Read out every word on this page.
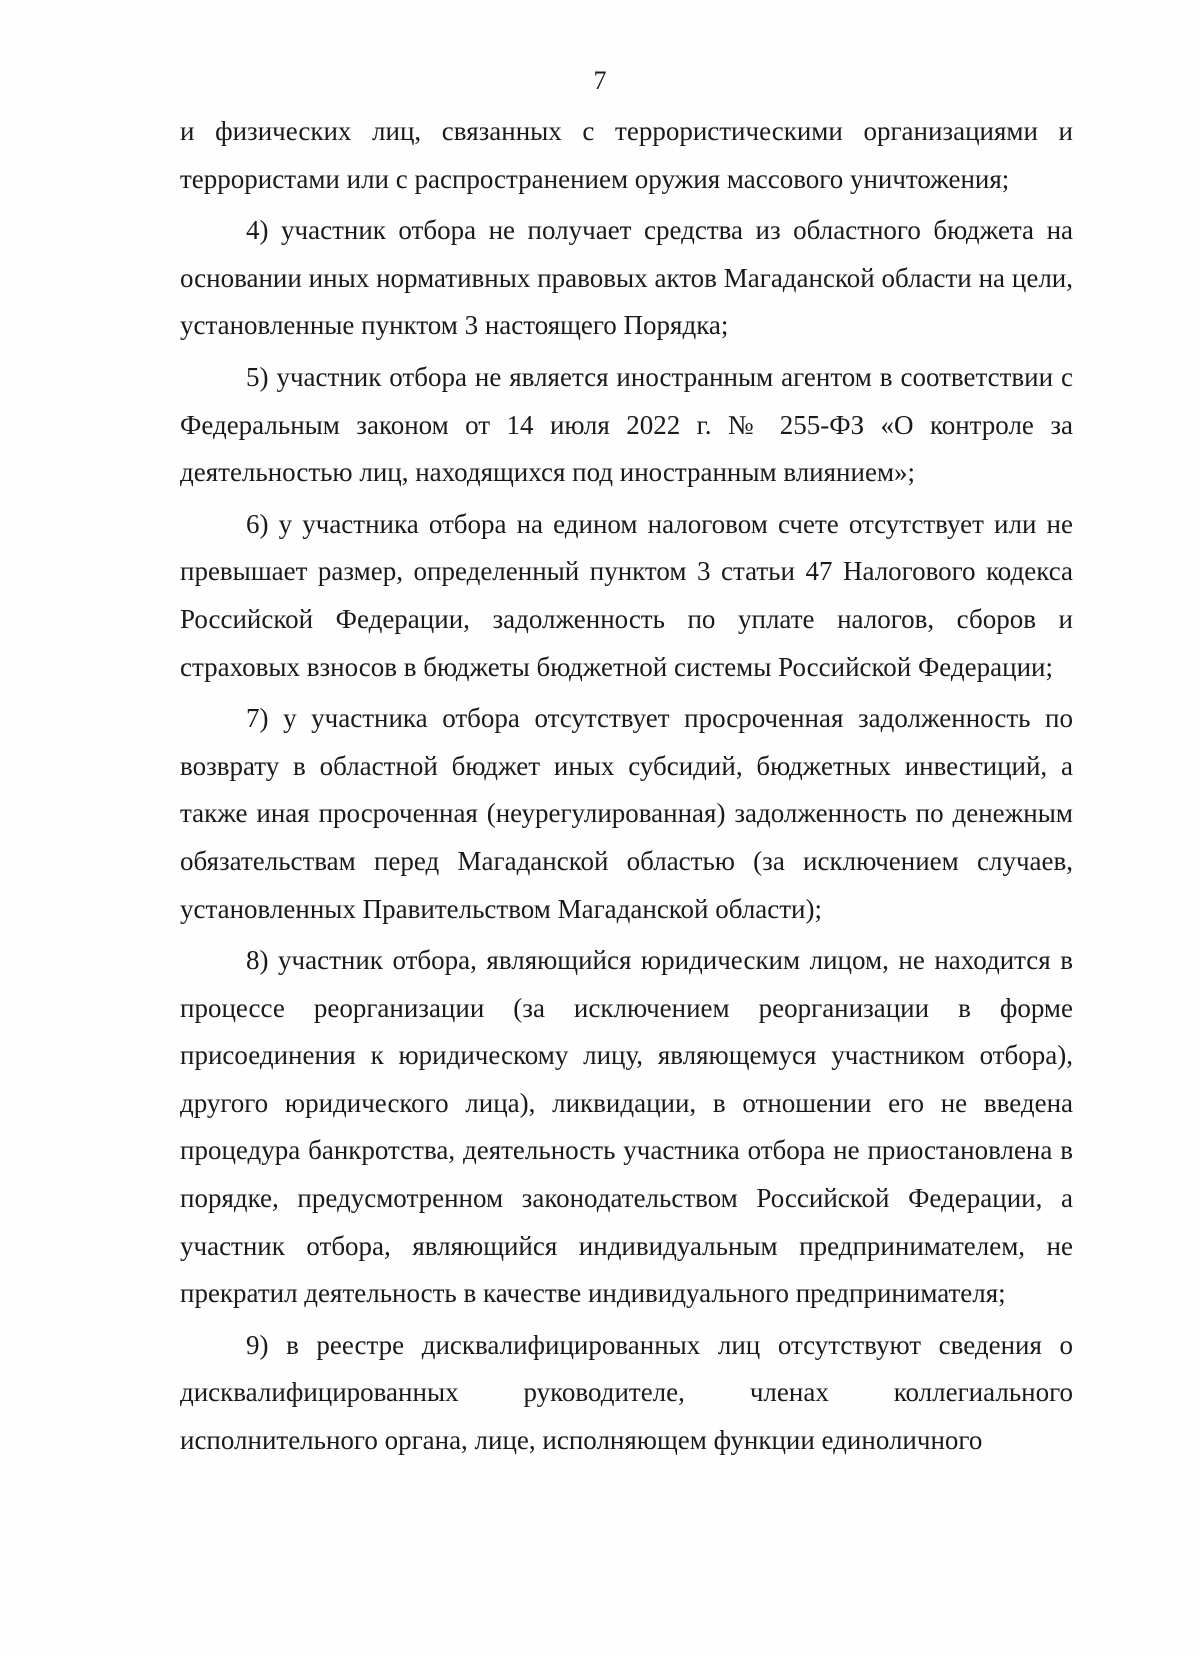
7

и физических лиц, связанных с террористическими организациями и террористами или с распространением оружия массового уничтожения;

4) участник отбора не получает средства из областного бюджета на основании иных нормативных правовых актов Магаданской области на цели, установленные пунктом 3 настоящего Порядка;

5) участник отбора не является иностранным агентом в соответствии с Федеральным законом от 14 июля 2022 г. № 255-ФЗ «О контроле за деятельностью лиц, находящихся под иностранным влиянием»;

6) у участника отбора на едином налоговом счете отсутствует или не превышает размер, определенный пунктом 3 статьи 47 Налогового кодекса Российской Федерации, задолженность по уплате налогов, сборов и страховых взносов в бюджеты бюджетной системы Российской Федерации;

7) у участника отбора отсутствует просроченная задолженность по возврату в областной бюджет иных субсидий, бюджетных инвестиций, а также иная просроченная (неурегулированная) задолженность по денежным обязательствам перед Магаданской областью (за исключением случаев, установленных Правительством Магаданской области);

8) участник отбора, являющийся юридическим лицом, не находится в процессе реорганизации (за исключением реорганизации в форме присоединения к юридическому лицу, являющемуся участником отбора), другого юридического лица), ликвидации, в отношении его не введена процедура банкротства, деятельность участника отбора не приостановлена в порядке, предусмотренном законодательством Российской Федерации, а участник отбора, являющийся индивидуальным предпринимателем, не прекратил деятельность в качестве индивидуального предпринимателя;

9) в реестре дисквалифицированных лиц отсутствуют сведения о дисквалифицированных руководителе, членах коллегиального исполнительного органа, лице, исполняющем функции единоличного
